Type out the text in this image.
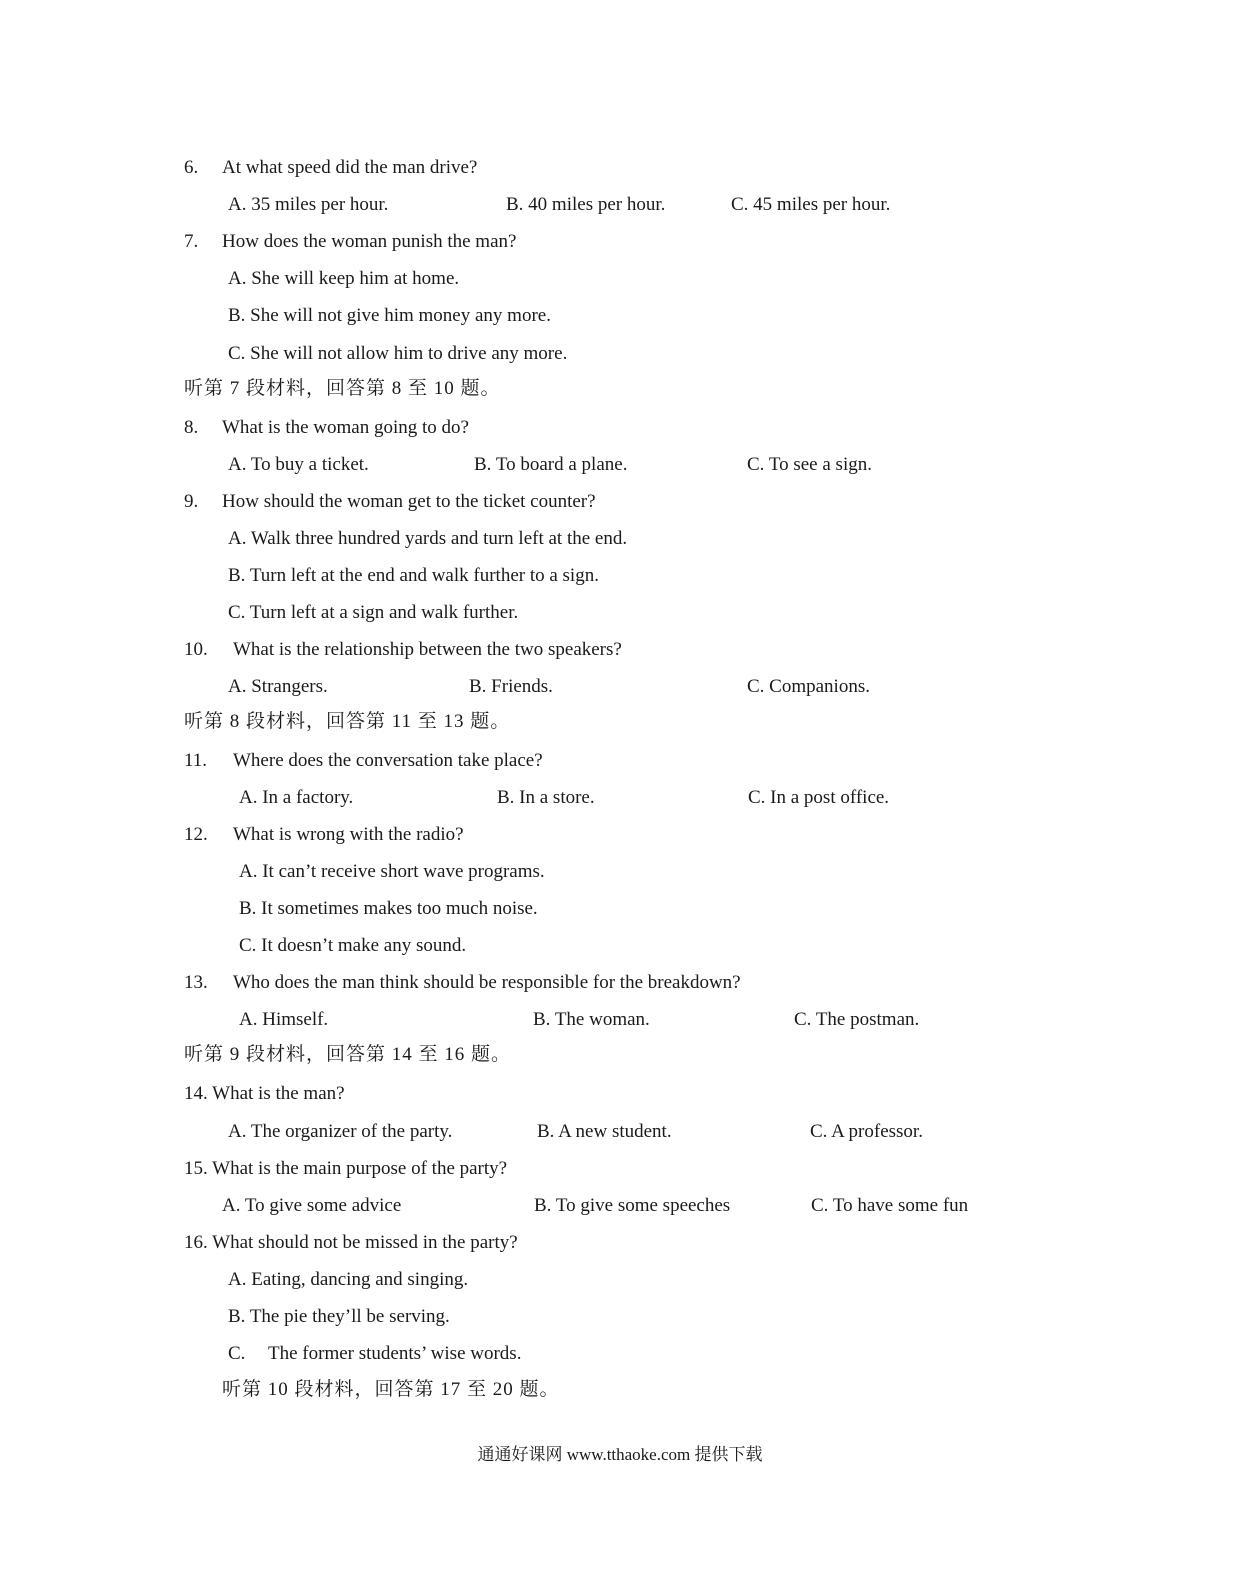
6. At what speed did the man drive?
A. 35 miles per hour.	B. 40 miles per hour.	C. 45 miles per hour.
7. How does the woman punish the man?
A. She will keep him at home.
B. She will not give him money any more.
C. She will not allow him to drive any more.
听第 7 段材料，回答第 8 至 10 题。
8. What is the woman going to do?
A. To buy a ticket.	B. To board a plane.	C. To see a sign.
9. How should the woman get to the ticket counter?
A. Walk three hundred yards and turn left at the end.
B. Turn left at the end and walk further to a sign.
C. Turn left at a sign and walk further.
10. What is the relationship between the two speakers?
A. Strangers.	B. Friends.	C. Companions.
听第 8 段材料，回答第 11 至 13 题。
11. Where does the conversation take place?
A. In a factory.	B. In a store.	C. In a post office.
12. What is wrong with the radio?
A. It can’t receive short wave programs.
B. It sometimes makes too much noise.
C. It doesn’t make any sound.
13. Who does the man think should be responsible for the breakdown?
A. Himself.	B. The woman.	C. The postman.
听第 9 段材料，回答第 14 至 16 题。
14. What is the man?
A. The organizer of the party.	B. A new student.	C. A professor.
15. What is the main purpose of the party?
A. To give some advice	B. To give some speeches	C. To have some fun
16. What should not be missed in the party?
A. Eating, dancing and singing.
B. The pie they’ll be serving.
C. The former students’ wise words.
听第 10 段材料，回答第 17 至 20 题。
通通好课网 www.tthaoke.com 提供下载
